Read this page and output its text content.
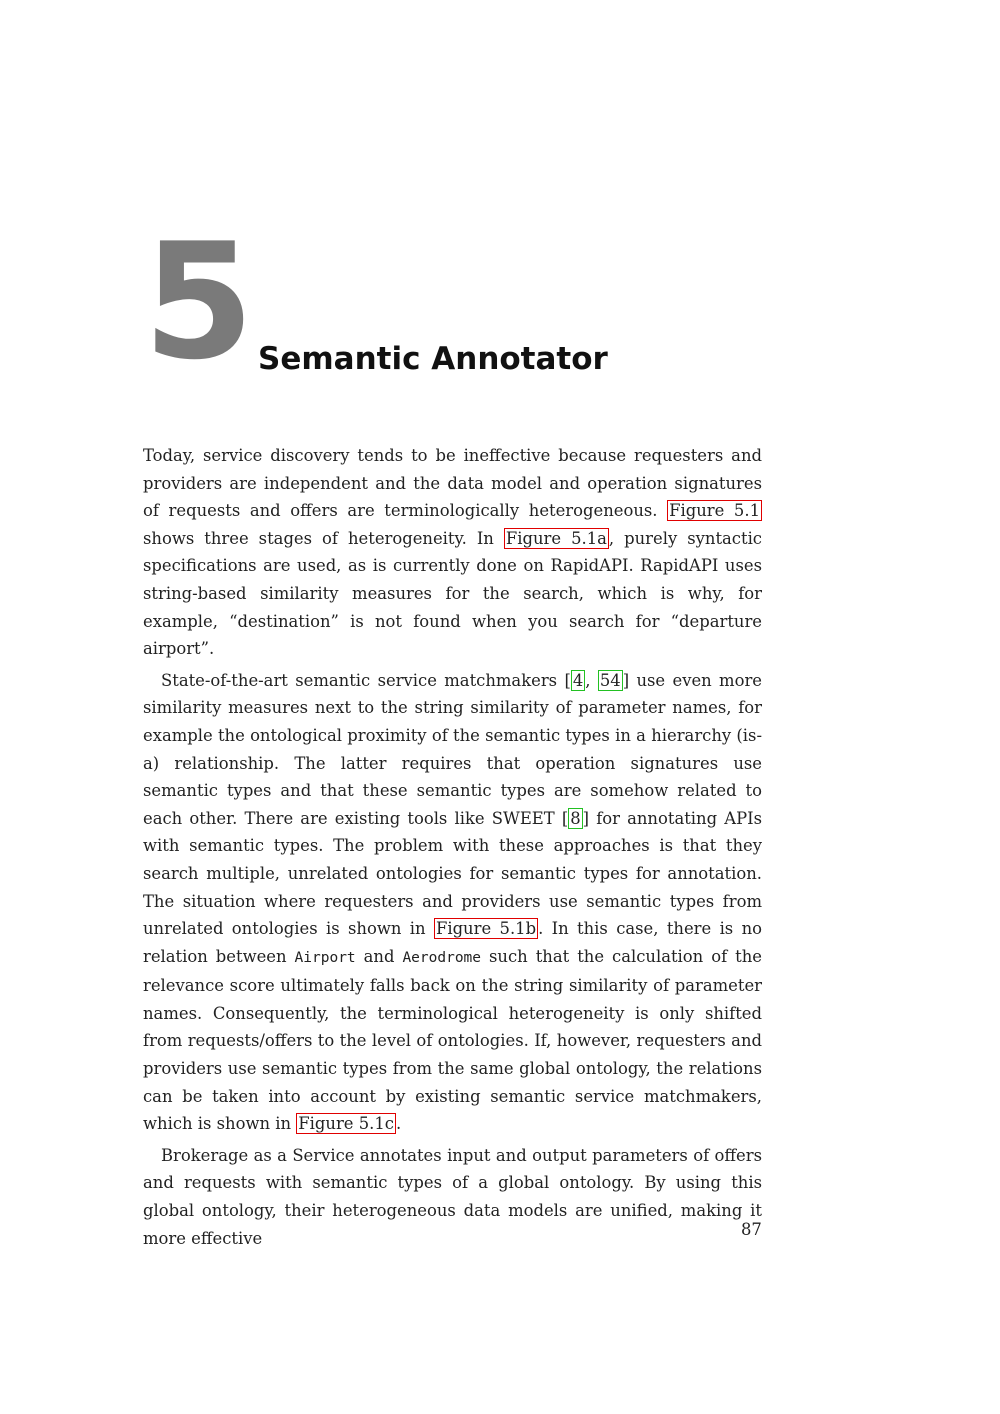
5 Semantic Annotator

Today, service discovery tends to be ineffective because requesters and providers are independent and the data model and operation signatures of requests and offers are terminologically heterogeneous. Figure 5.1 shows three stages of heterogeneity. In Figure 5.1a , purely syntactic specifications are used, as is currently done on RapidAPI. RapidAPI uses string-based similarity measures for the search, which is why, for example, “destination” is not found when you search for “departure airport”.

State-of-the-art semantic service matchmakers [ 4 , 54 ] use even more similarity measures next to the string similarity of parameter names, for example the ontological proximity of the semantic types in a hierarchy (is-a) relationship. The latter requires that operation signatures use semantic types and that these semantic types are somehow related to each other. There are existing tools like SWEET [ 8 ] for annotating APIs with semantic types. The problem with these approaches is that they search multiple, unrelated ontologies for semantic types for annotation. The situation where requesters and providers use semantic types from unrelated ontologies is shown in Figure 5.1b . In this case, there is no relation between Airport and Aerodrome such that the calculation of the relevance score ultimately falls back on the string similarity of parameter names. Consequently, the terminological heterogeneity is only shifted from requests/offers to the level of ontologies. If, however, requesters and providers use semantic types from the same global ontology, the relations can be taken into account by existing semantic service matchmakers, which is shown in Figure 5.1c .

Brokerage as a Service annotates input and output parameters of offers and requests with semantic types of a global ontology. By using this global ontology, their heterogeneous data models are unified, making it more effective	87
